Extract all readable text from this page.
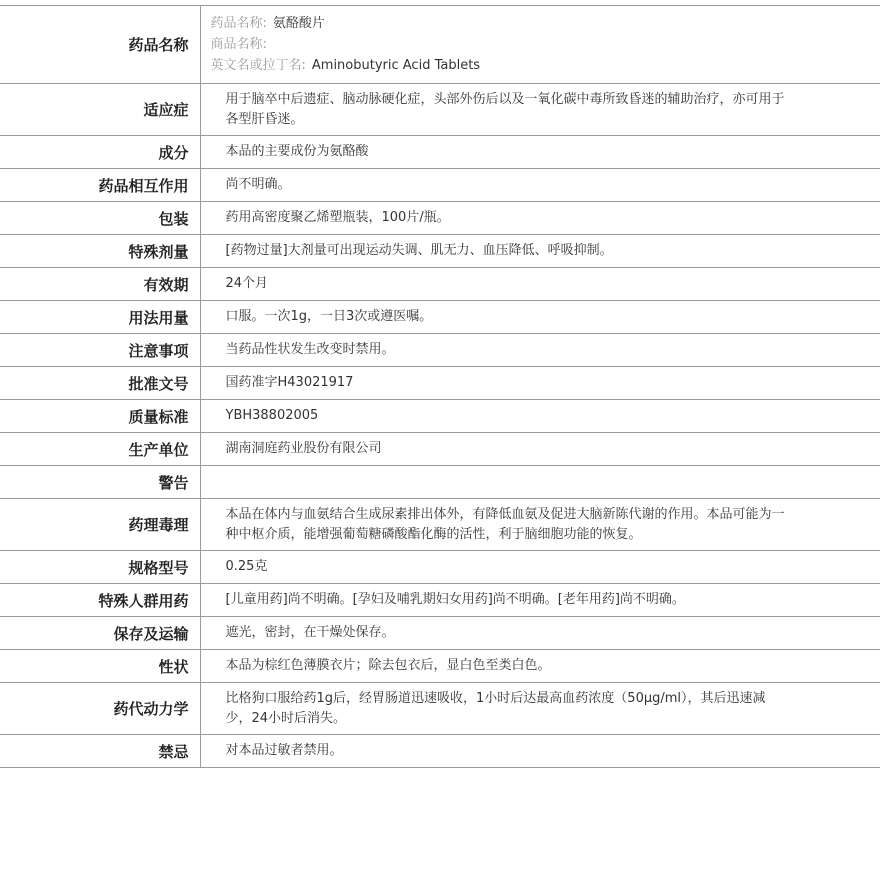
药品名称	药品名称: 氨酪酸片
商品名称:
英文名或拉丁名: Aminobutyric Acid Tablets

适应症	用于脑卒中后遗症、脑动脉硬化症，头部外伤后以及一氧化碳中毒所致昏迷的辅助治疗，亦可用于各型肝昏迷。
成分	本品的主要成份为氨酪酸
药品相互作用	尚不明确。
包装	药用高密度聚乙烯塑瓶装，100片/瓶。
特殊剂量	[药物过量]大剂量可出现运动失调、肌无力、血压降低、呼吸抑制。
有效期	24个月
用法用量	口服。一次1g，一日3次或遵医嘱。
注意事项	当药品性状发生改变时禁用。
批准文号	国药准字H43021917
质量标准	YBH38802005
生产单位	湖南洞庭药业股份有限公司
警告	
药理毒理	本品在体内与血氨结合生成尿素排出体外，有降低血氨及促进大脑新陈代谢的作用。本品可能为一种中枢介质，能增强葡萄糖磷酸酯化酶的活性，利于脑细胞功能的恢复。
规格型号	0.25克
特殊人群用药	[儿童用药]尚不明确。[孕妇及哺乳期妇女用药]尚不明确。[老年用药]尚不明确。
保存及运输	遮光，密封，在干燥处保存。
性状	本品为棕红色薄膜衣片；除去包衣后，显白色至类白色。
药代动力学	比格狗口服给药1g后，经胃肠道迅速吸收，1小时后达最高血药浓度（50μg/ml），其后迅速减少，24小时后消失。
禁忌	对本品过敏者禁用。
